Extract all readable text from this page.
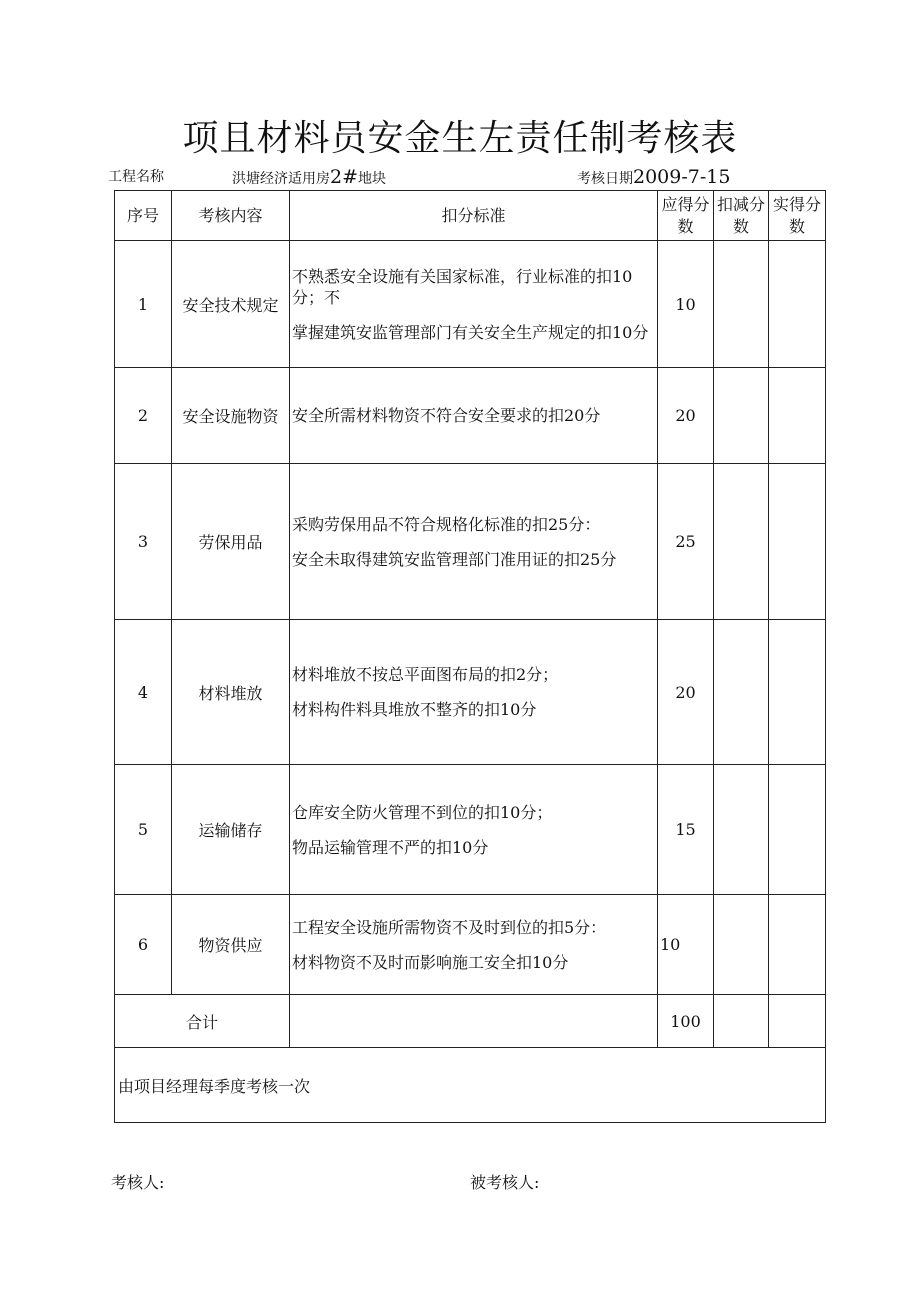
项且材料员安金生左责任制考核表
工程名称	洪塘经济适用房2#地块	考核日期2009-7-15
序号	考核内容	扣分标准	应得分数	扣减分数	实得分数
1	安全技术规定	不熟悉安全设施有关国家标准，行业标准的扣10分；不

掌握建筑安监管理部门有关安全生产规定的扣10分	10		
2	安全设施物资	安全所需材料物资不符合安全要求的扣20分	20		
3	劳保用品	采购劳保用品不符合规格化标准的扣25分：

安全未取得建筑安监管理部门准用证的扣25分	25		
4	材料堆放	材料堆放不按总平面图布局的扣2分；

材料构件料具堆放不整齐的扣10分	20		
5	运输储存	仓库安全防火管理不到位的扣10分；

物品运输管理不严的扣10分	15		
6	物资供应	工程安全设施所需物资不及时到位的扣5分：

材料物资不及时而影响施工安全扣10分	10		
合计			100		
由项目经理每季度考核一次					
考核人:	被考核人:
